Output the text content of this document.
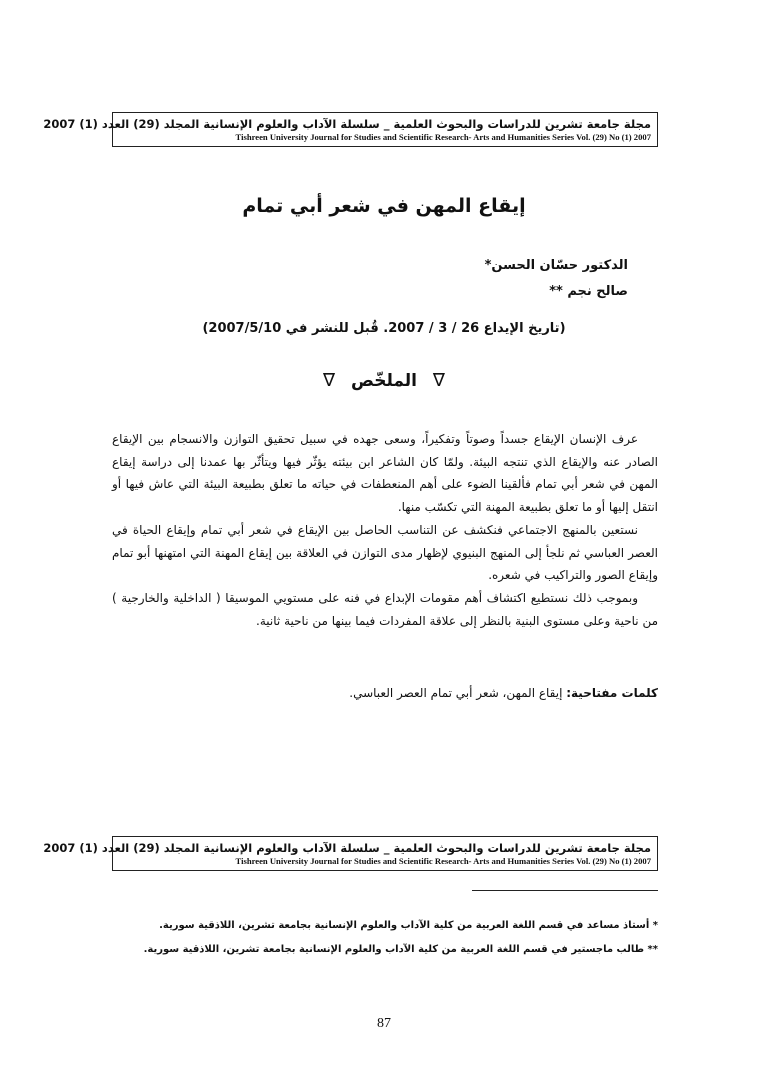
مجلة جامعة تشرين للدراسات والبحوث العلمية _ سلسلة الآداب والعلوم الإنسانية المجلد (29) العدد (1) 2007
Tishreen University Journal for Studies and Scientific Research- Arts and Humanities Series Vol. (29) No (1) 2007
إيقاع المهن في شعر أبي تمام
الدكتور حسّان الحسن*
صالح نجم **
(تاريخ الإيداع 26 / 3 / 2007. قُبل للنشر في 2007/5/10)
∇ الملخّص ∇

عرف الإنسان الإيقاع جسداً وصوتاً وتفكيراً، وسعى جهده في سبيل تحقيق التوازن والانسجام بين الإيقاع الصادر عنه والإيقاع الذي تنتجه البيئة. ولمّا كان الشاعر ابن بيئته يؤثّر فيها ويتأثّر بها عمدنا إلى دراسة إيقاع المهن في شعر أبي تمام فألقينا الضوء على أهم المنعطفات في حياته ما تعلق بطبيعة البيئة التي عاش فيها أو انتقل إليها أو ما تعلق بطبيعة المهنة التي تكسّب منها.

نستعين بالمنهج الاجتماعي فنكشف عن التناسب الحاصل بين الإيقاع في شعر أبي تمام وإيقاع الحياة في العصر العباسي ثم نلجأ إلى المنهج البنيوي لإظهار مدى التوازن في العلاقة بين إيقاع المهنة التي امتهنها أبو تمام وإيقاع الصور والتراكيب في شعره.

وبموجب ذلك نستطيع اكتشاف أهم مقومات الإبداع في فنه على مستويي الموسيقا ( الداخلية والخارجية ) من ناحية وعلى مستوى البنية بالنظر إلى علاقة المفردات فيما بينها من ناحية ثانية.

كلمات مفتاحية: إيقاع المهن، شعر أبي تمام العصر العباسي.
مجلة جامعة تشرين للدراسات والبحوث العلمية _ سلسلة الآداب والعلوم الإنسانية المجلد (29) العدد (1) 2007
Tishreen University Journal for Studies and Scientific Research- Arts and Humanities Series Vol. (29) No (1) 2007
* أستاذ مساعد في قسم اللغة العربية من كلية الآداب والعلوم الإنسانية بجامعة تشرين، اللاذقية سورية.
** طالب ماجستير في قسم اللغة العربية من كلية الآداب والعلوم الإنسانية بجامعة تشرين، اللاذقية سورية.
87
